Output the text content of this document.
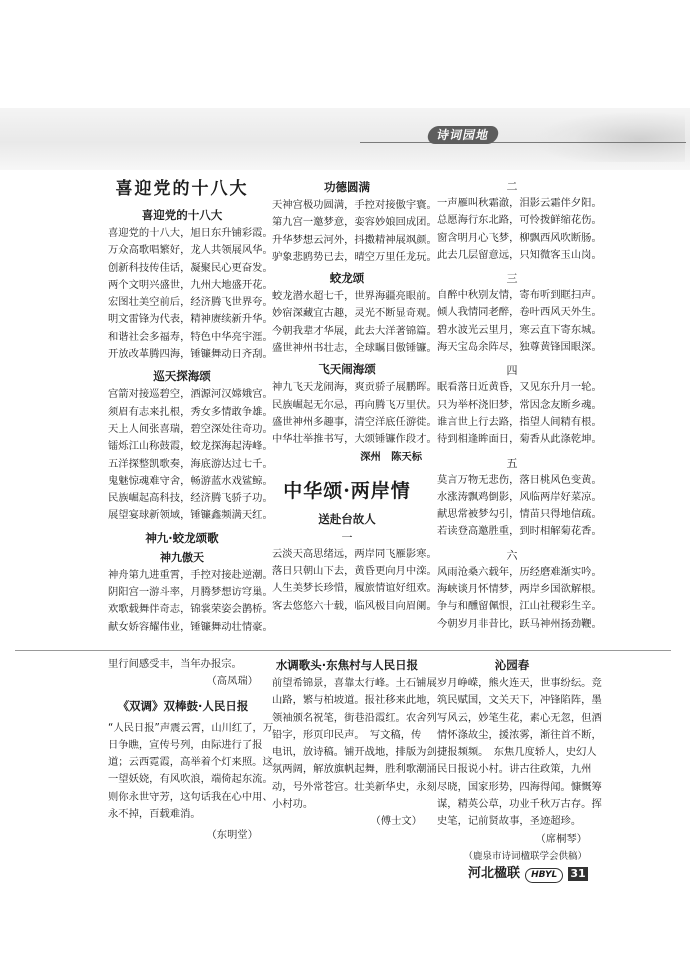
诗词园地
喜迎党的十八大
喜迎党的十八大

喜迎党的十八大，旭日东升铺彩霞。

万众高歌唱繁好，龙人共领展风华。

创新科技传佳话，凝聚民心更奋发。

两个文明兴盛世，九州大地盛开花。

宏图壮美空前后，经济腾飞世界夸。

明文雷锋为代表，精神赓续新升华。

和谐社会多福寿，特色中华亮宇涯。

开放改革腾四海，锤镰舞动日齐刮。

巡天探海颂

宫箭对接巡碧空，酒源河汉嫦娥宫。

须眉有志来扎根，秀女多情敢争雄。

天上人间张喜瑞，碧空深处往奇功。

镭烁江山称鼓霞，蛟龙探海起涛峰。

五洋探整凯歌奏，海底游达过七千。

鬼魅惊魂难守舍，畅游蓝水戏鲨鲸。

民族崛起高科技，经济腾飞骄子功。

展望宴球新领域，锤镰鑫频满天红。

神九·蛟龙颂歌
神九傲天

神舟第九进重霄，手控对接赴逆潮。

阴阳宫一游斗率，月腾梦想访穹巢。

欢歌载舞伴奇志，锦裳荣姿会鹊桥。

献女娇容耀伟业，锤镰舞动壮情豪。

功德圆满

天神宫极功圆满，手控对接傲宇寰。

第九宫一邀梦意，娈容妙娘回成团。

升华梦想云河外，抖擞精神展飒颜。

驴象悲鸥势已去，晴空万里任龙玩。

蛟龙颂

蛟龙潜水超七千，世界海疆亮眼前。

妙宿深藏宜古趣，灵光不断显奇观。

今朝我辈才华展，此去大洋著锦篇。

盛世神州书壮志，全球瞩目傲锤镰。

飞天闹海颂

神九飞天龙闹海，爽贡骄子展鹏晖。

民族崛起无尔忌，再向腾飞万里伏。

盛世神州多趣事，清空洋底任游徙。

中华壮举推书写，大颂锤镰作段才。

深州　陈天标
中华颂·两岸情
送赴台故人
一

云淡天高思绪远，两岸同飞雁影寒。

落日只朝山下去，黄昏更向月中滦。

人生美梦长珍惜，履旅情谊好纽欢。

客去悠悠六十载，临风极目向眉阑。

二

一声雁叫秋霜澈，泪影云霜伴夕阳。

总愿海行东北路，可怜拨鲜缩花伤。

窗含明月心飞梦，柳飘西风吹断肠。

此去几层留意远，只知微客玉山岗。

三

自醉中秋别友情，寄布听到眶扫声。

倾人我情同老醉，卷叶西风天外生。

碧水波光云里月，寒云直下寄东城。

海天宝岛余阵尽，独尊黄锋国眼深。

四

眠看落日近黄昏，又见东升月一轮。

只为举杯浇旧梦，常因念友断乡魂。

谁言世上行去路，指望人间精有根。

待到相逢眸面日，菊香从此涤乾坤。

五

莫言万物无悲伤，落日桃风色变黄。

水涨涛飘鸡倒影，风临两岸好菜凉。

献思常被梦勾引，情苗只得地信疏。

若读登高邀胜重，到时相解菊花香。

六

风雨沧桑六载年，历经磨难渐实吟。

海峡谈月怀情梦，两岸乡国欲解根。

争与和醺留佩恨，江山社稷彩生辛。

今朝岁月非昔比，跃马神州扬劲鞭。

里行间感受丰，当年办报宗。

（高凤瑞）
《双调》双棒鼓·人民日报

“人民日报”声震云霄，山川红了，万

日争瞧，宣传号列，由际进行了报

道；云西霓霞，高举着个灯来照。这

一望妖娆，有风吹浪，端倚起东流。

则你永世守芳，这句话我在心中用、

永不掉，百载难消。

（东明堂）
水调歌头·东焦村与人民日报

前望希锦景，喜靠太行峰。土石铺展

山路，繁与柏坡道。报社移来此地，

领袖颁名祝笔，街巷沿霞红。农舍列

铅字，形页印民声。　写文稿，传

电讯，放诗稿。铺开战地，排版为剑

氛两阔，解放旗帆起舞，胜利歌潮涌

动，号外常苍宫。壮美新华史，永刻

小村功。

（傅士文）
沁园春

岁月峥嵘，熊火连天，世事纷纭。竞

筑民赋国，文关天下，冲锋陷阵，墨

写风云，妙笔生花，素心无忽，但酒

情怀涤故尘，援浓雾，渐往首不断，

捷报频频。　东焦几度轿人，史幻人

民日报说小村。讲古往政策，九州

尽晓，国家形势，四海得闻。慷慨筹

谋，精英公草，功业千秋万古存。挥

史笔，记前贤故事，圣迹超珍。

（席桐琴）
（鹿泉市诗词楹联学会供稿）
河北楹联 HBYL 31
